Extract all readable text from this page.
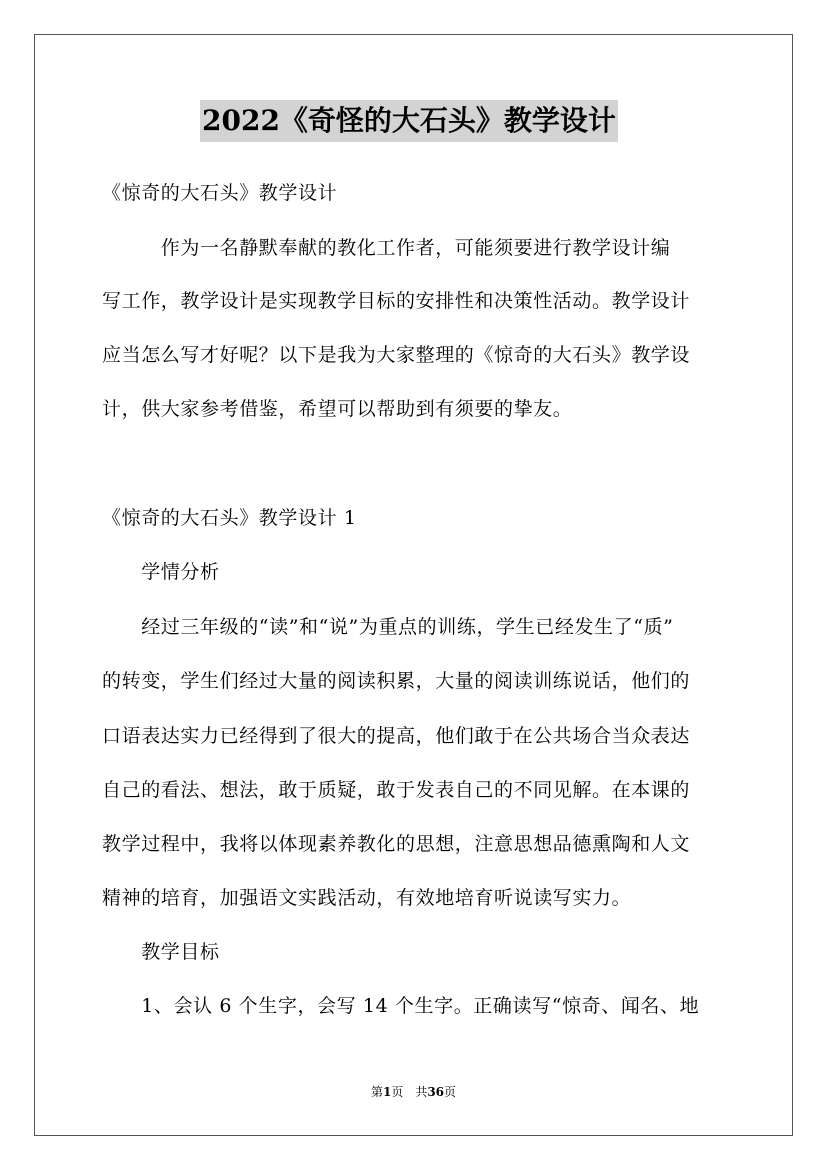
2022《奇怪的大石头》教学设计
《惊奇的大石头》教学设计
　　　作为一名静默奉献的教化工作者，可能须要进行教学设计编
写工作，教学设计是实现教学目标的安排性和决策性活动。教学设计
应当怎么写才好呢？以下是我为大家整理的《惊奇的大石头》教学设
计，供大家参考借鉴，希望可以帮助到有须要的挚友。
《惊奇的大石头》教学设计 1
　　学情分析
　　经过三年级的“读”和“说”为重点的训练，学生已经发生了“质”
的转变，学生们经过大量的阅读积累，大量的阅读训练说话，他们的
口语表达实力已经得到了很大的提高，他们敢于在公共场合当众表达
自己的看法、想法，敢于质疑，敢于发表自己的不同见解。在本课的
教学过程中，我将以体现素养教化的思想，注意思想品德熏陶和人文
精神的培育，加强语文实践活动，有效地培育听说读写实力。
　　教学目标
　　1、会认 6 个生字，会写 14 个生字。正确读写“惊奇、闻名、地
第1页　共36页
